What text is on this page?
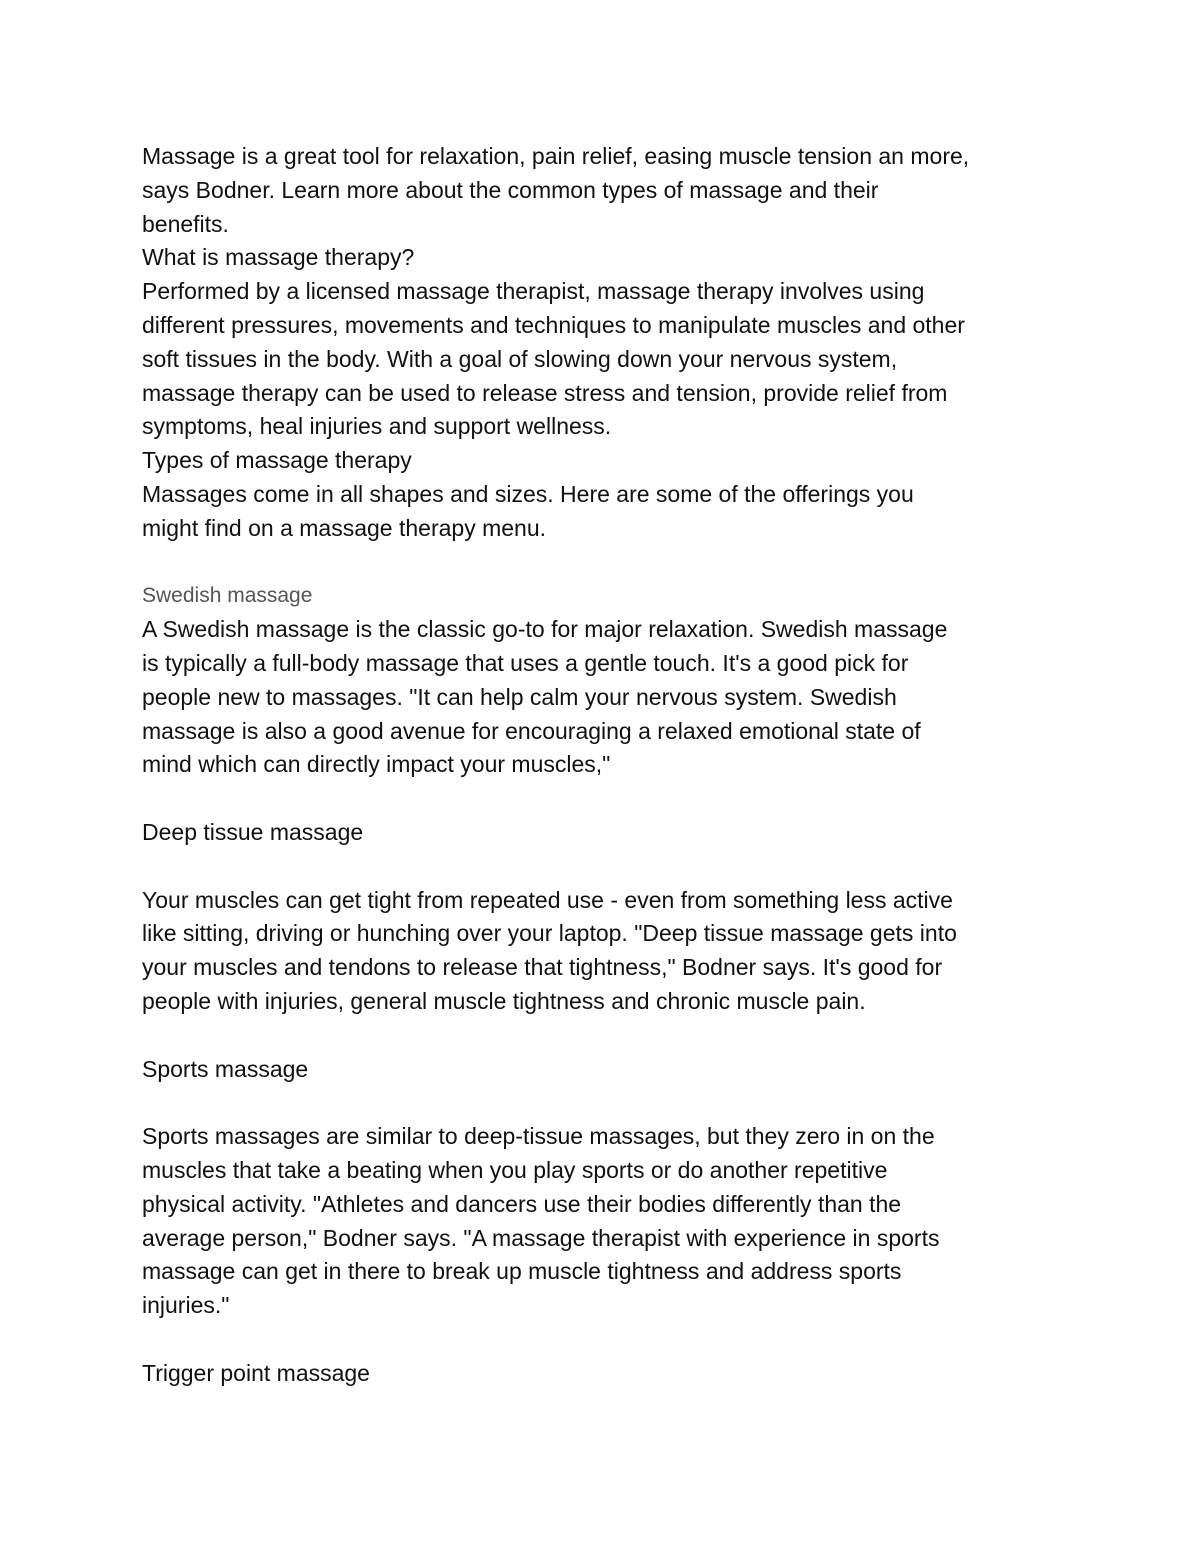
Massage is a great tool for relaxation, pain relief, easing muscle tension an more,
says Bodner. Learn more about the common types of massage and their
benefits.

What is massage therapy?

Performed by a licensed massage therapist, massage therapy involves using
different pressures, movements and techniques to manipulate muscles and other
soft tissues in the body. With a goal of slowing down your nervous system,
massage therapy can be used to release stress and tension, provide relief from
symptoms, heal injuries and support wellness.

Types of massage therapy

Massages come in all shapes and sizes. Here are some of the offerings you
might find on a massage therapy menu.

Swedish massage

A Swedish massage is the classic go-to for major relaxation. Swedish massage
is typically a full-body massage that uses a gentle touch. It's a good pick for
people new to massages. "It can help calm your nervous system. Swedish
massage is also a good avenue for encouraging a relaxed emotional state of
mind which can directly impact your muscles,"

Deep tissue massage

Your muscles can get tight from repeated use - even from something less active
like sitting, driving or hunching over your laptop. "Deep tissue massage gets into
your muscles and tendons to release that tightness," Bodner says. It's good for
people with injuries, general muscle tightness and chronic muscle pain.

Sports massage

Sports massages are similar to deep-tissue massages, but they zero in on the
muscles that take a beating when you play sports or do another repetitive
physical activity. "Athletes and dancers use their bodies differently than the
average person," Bodner says. "A massage therapist with experience in sports
massage can get in there to break up muscle tightness and address sports
injuries."

Trigger point massage
